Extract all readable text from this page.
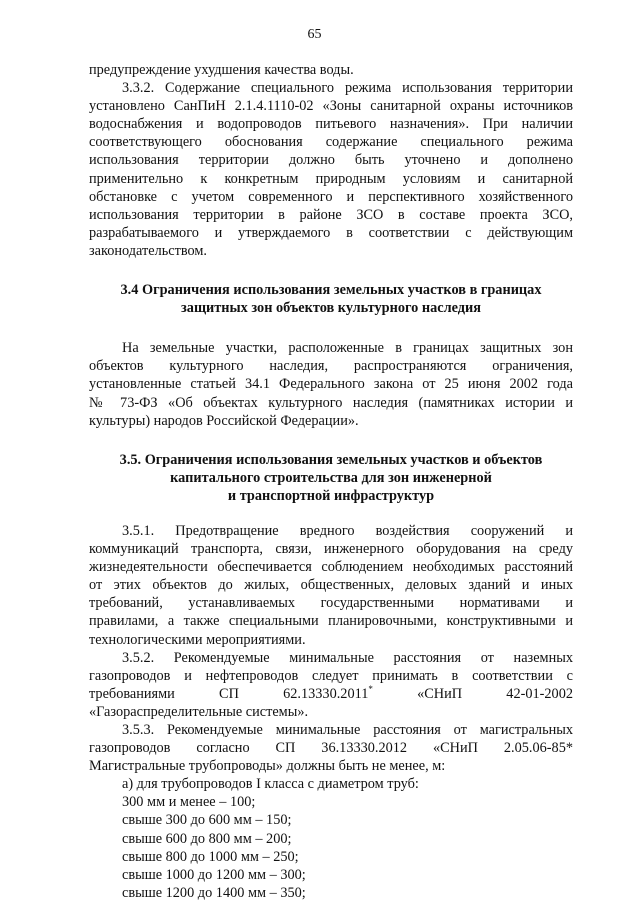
65

предупреждение ухудшения качества воды.

3.3.2. Содержание специального режима использования территории

установлено СанПиН 2.1.4.1110-02 «Зоны санитарной охраны источников

водоснабжения и водопроводов питьевого назначения». При наличии

соответствующего обоснования содержание специального режима

использования территории должно быть уточнено и дополнено

применительно к конкретным природным условиям и санитарной

обстановке с учетом современного и перспективного хозяйственного

использования территории в районе ЗСО в составе проекта ЗСО,

разрабатываемого и утверждаемого в соответствии с действующим

законодательством.

3.4 Ограничения использования земельных участков в границах
защитных зон объектов культурного наследия

На земельные участки, расположенные в границах защитных зон

объектов культурного наследия, распространяются ограничения,

установленные статьей 34.1 Федерального закона от 25 июня 2002 года

№ 73-ФЗ «Об объектах культурного наследия (памятниках истории и

культуры) народов Российской Федерации».

3.5. Ограничения использования земельных участков и объектов
капитального строительства для зон инженерной
и транспортной инфраструктур

3.5.1. Предотвращение вредного воздействия сооружений и

коммуникаций транспорта, связи, инженерного оборудования на среду

жизнедеятельности обеспечивается соблюдением необходимых расстояний

от этих объектов до жилых, общественных, деловых зданий и иных

требований, устанавливаемых государственными нормативами и

правилами, а также специальными планировочными, конструктивными и

технологическими мероприятиями.

3.5.2. Рекомендуемые минимальные расстояния от наземных

газопроводов и нефтепроводов следует принимать в соответствии с

требованиями СП 62.13330.2011* «СНиП 42-01-2002

«Газораспределительные системы».

3.5.3. Рекомендуемые минимальные расстояния от магистральных

газопроводов согласно СП 36.13330.2012 «СНиП 2.05.06-85*

Магистральные трубопроводы» должны быть не менее, м:

а) для трубопроводов I класса с диаметром труб:

300 мм и менее – 100;

свыше 300 до 600 мм – 150;

свыше 600 до 800 мм – 200;

свыше 800 до 1000 мм – 250;

свыше 1000 до 1200 мм – 300;

свыше 1200 до 1400 мм – 350;
